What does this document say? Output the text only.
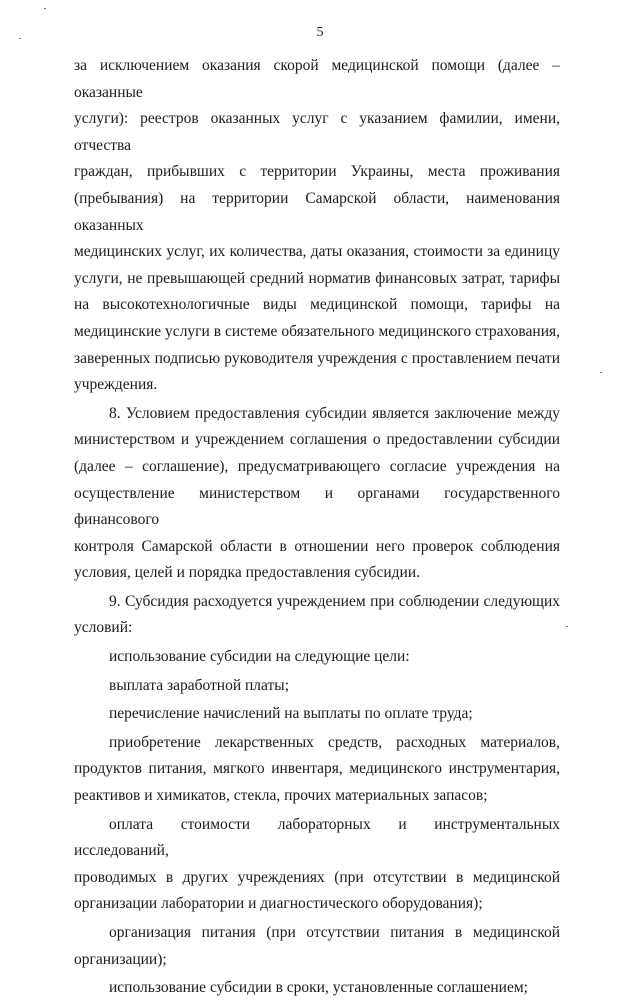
5
за исключением оказания скорой медицинской помощи (далее – оказанные
услуги): реестров оказанных услуг с указанием фамилии, имени, отчества
граждан, прибывших с территории Украины, места проживания
(пребывания) на территории Самарской области, наименования оказанных
медицинских услуг, их количества, даты оказания, стоимости за единицу
услуги, не превышающей средний норматив финансовых затрат, тарифы
на высокотехнологичные виды медицинской помощи, тарифы на
медицинские услуги в системе обязательного медицинского страхования,
заверенных подписью руководителя учреждения с проставлением печати
учреждения.
8. Условием предоставления субсидии является заключение между
министерством и учреждением соглашения о предоставлении субсидии
(далее – соглашение), предусматривающего согласие учреждения на
осуществление министерством и органами государственного финансового
контроля Самарской области в отношении него проверок соблюдения
условия, целей и порядка предоставления субсидии.
9. Субсидия расходуется учреждением при соблюдении следующих
условий:
использование субсидии на следующие цели:
выплата заработной платы;
перечисление начислений на выплаты по оплате труда;
приобретение лекарственных средств, расходных материалов,
продуктов питания, мягкого инвентаря, медицинского инструментария,
реактивов и химикатов, стекла, прочих материальных запасов;
оплата стоимости лабораторных и инструментальных исследований,
проводимых в других учреждениях (при отсутствии в медицинской
организации лаборатории и диагностического оборудования);
организация питания (при отсутствии питания в медицинской
организации);
использование субсидии в сроки, установленные соглашением;
